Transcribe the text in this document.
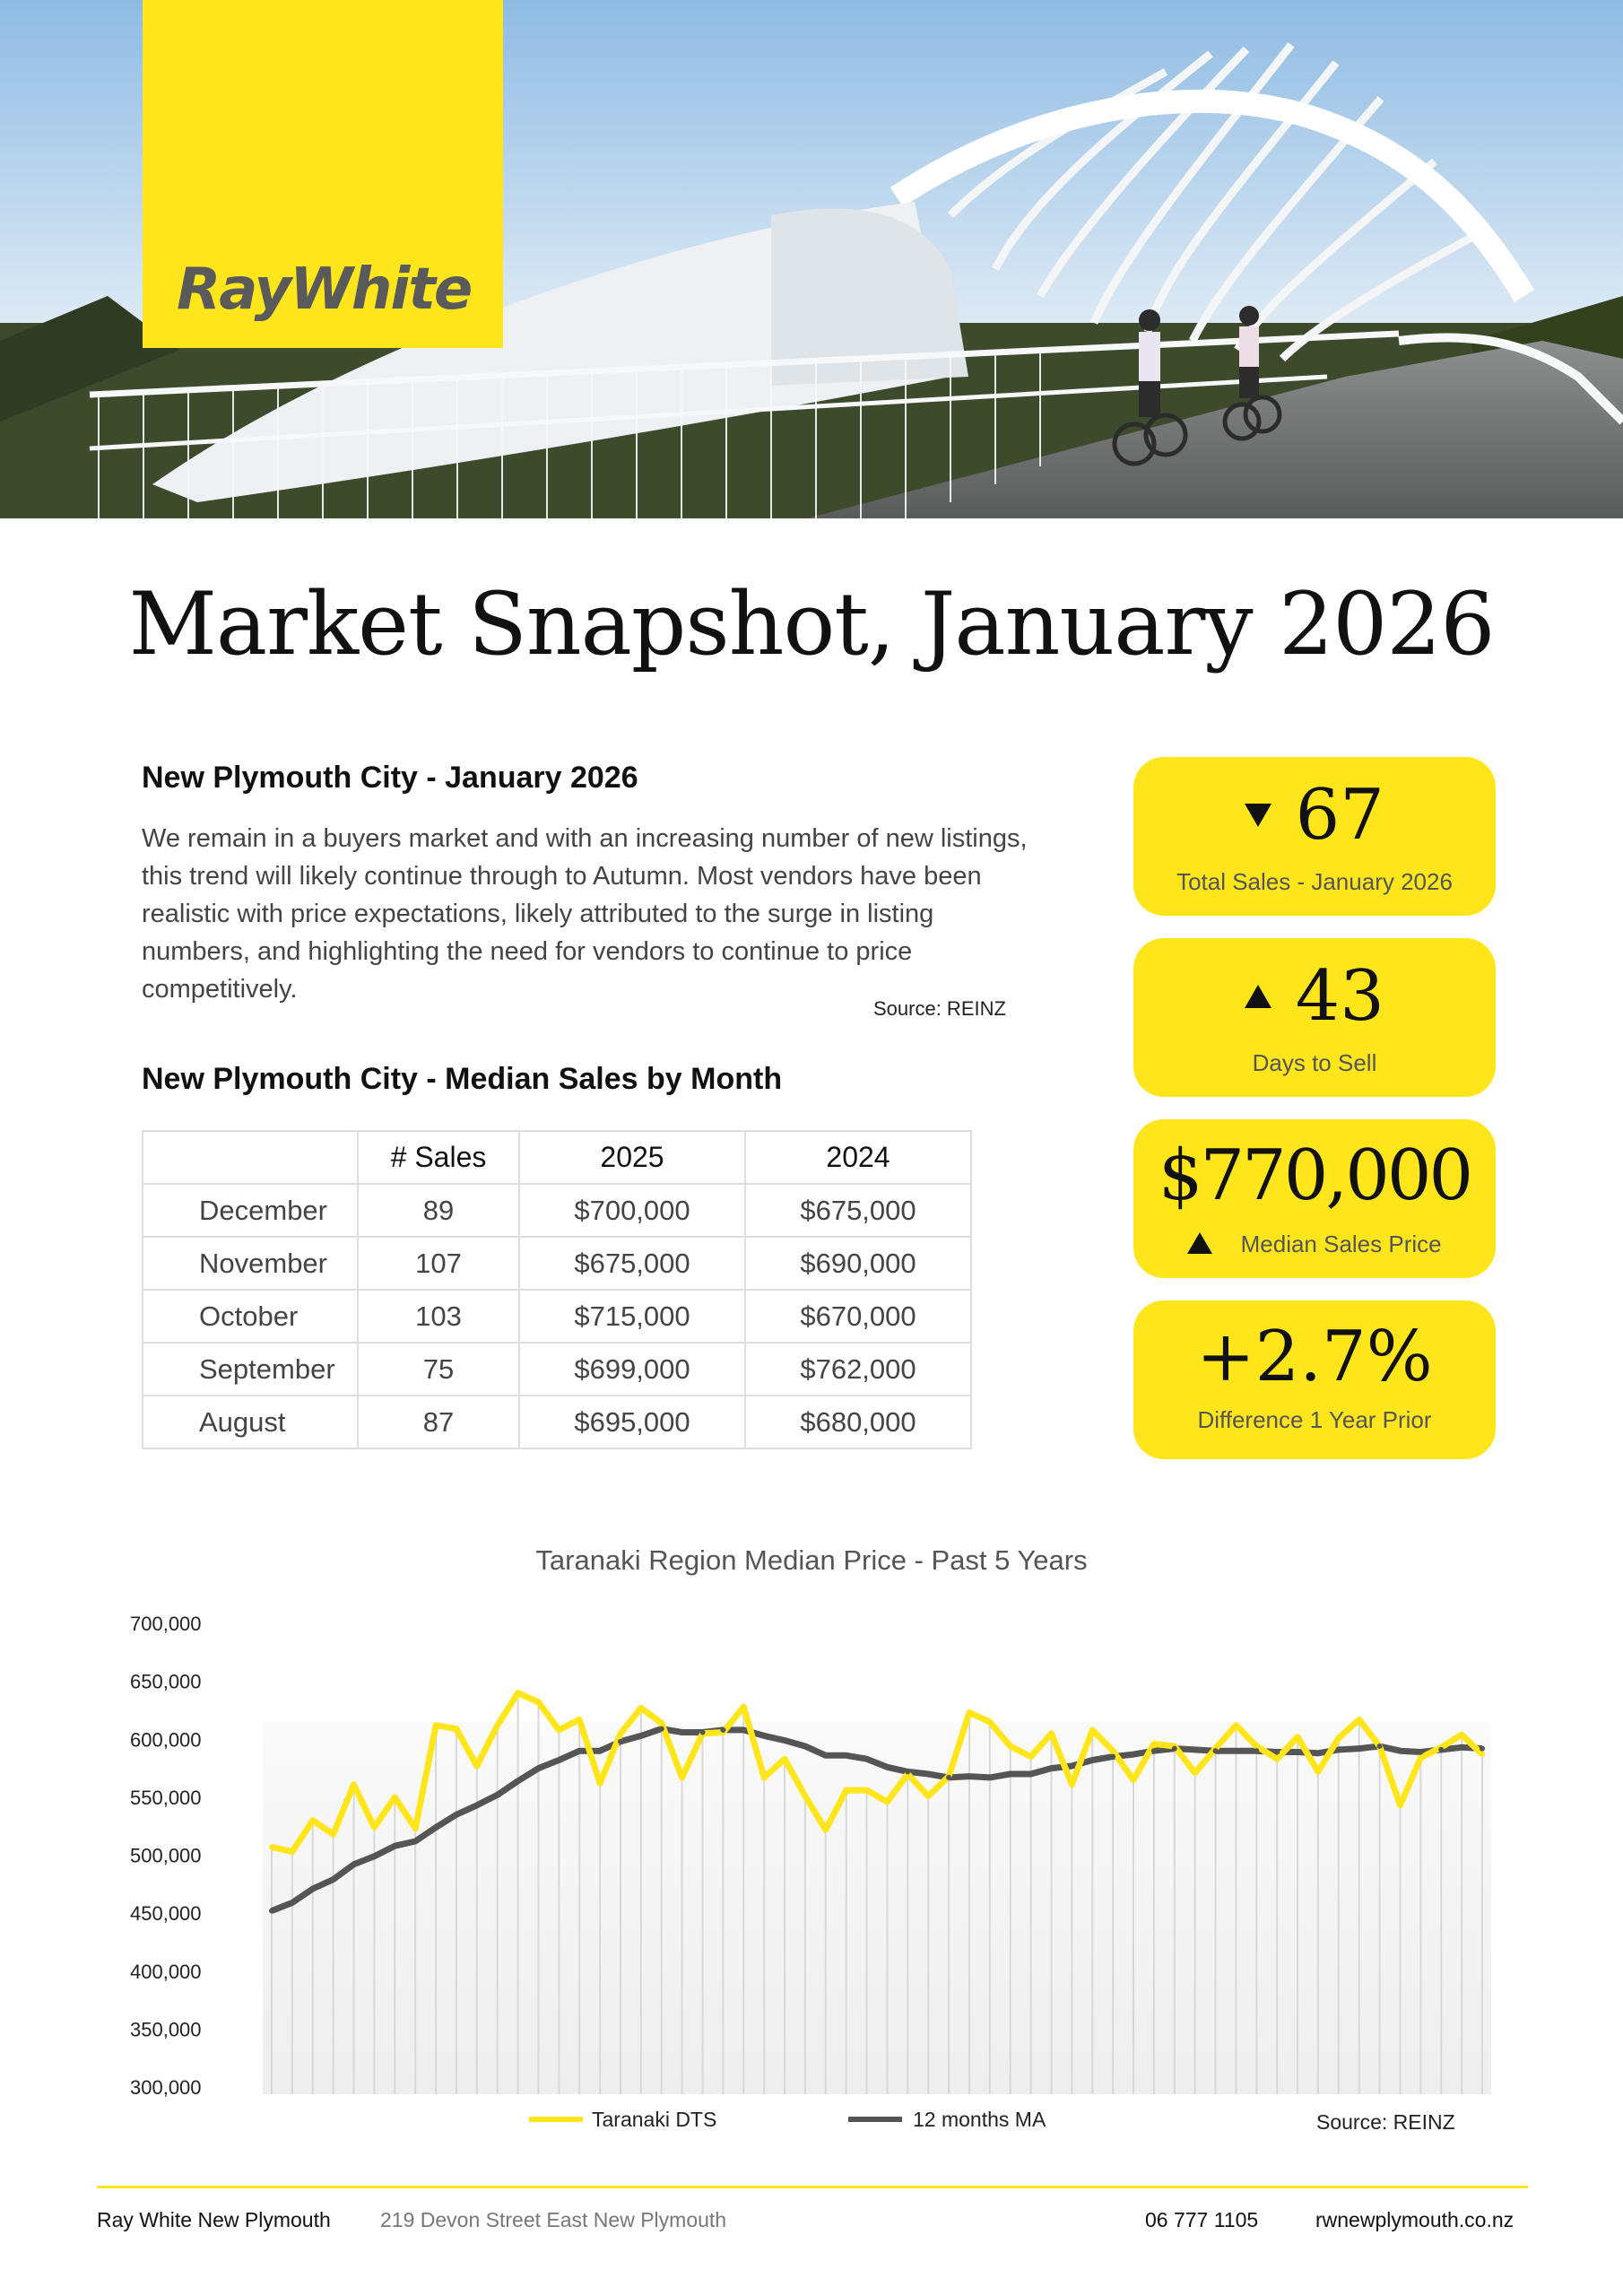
RayWhite
Market Snapshot, January 2026
New Plymouth City - January 2026
We remain in a buyers market and with an increasing number of new listings, this trend will likely continue through to Autumn. Most vendors have been realistic with price expectations, likely attributed to the surge in listing numbers, and highlighting the need for vendors to continue to price competitively.
Source: REINZ
New Plymouth City - Median Sales by Month
	# Sales	2025	2024
December	89	$700,000	$675,000
November	107	$675,000	$690,000
October	103	$715,000	$670,000
September	75	$699,000	$762,000
August	87	$695,000	$680,000
67
Total Sales - January 2026
43
Days to Sell
$770,000
Median Sales Price
+2.7%
Difference 1 Year Prior
Taranaki Region Median Price - Past 5 Years
700,000
650,000
600,000
550,000
500,000
450,000
400,000
350,000
300,000
Taranaki DTS	12 months MA	Source: REINZ
Ray White New Plymouth 219 Devon Street East New Plymouth	06 777 1105	rwnewplymouth.co.nz
